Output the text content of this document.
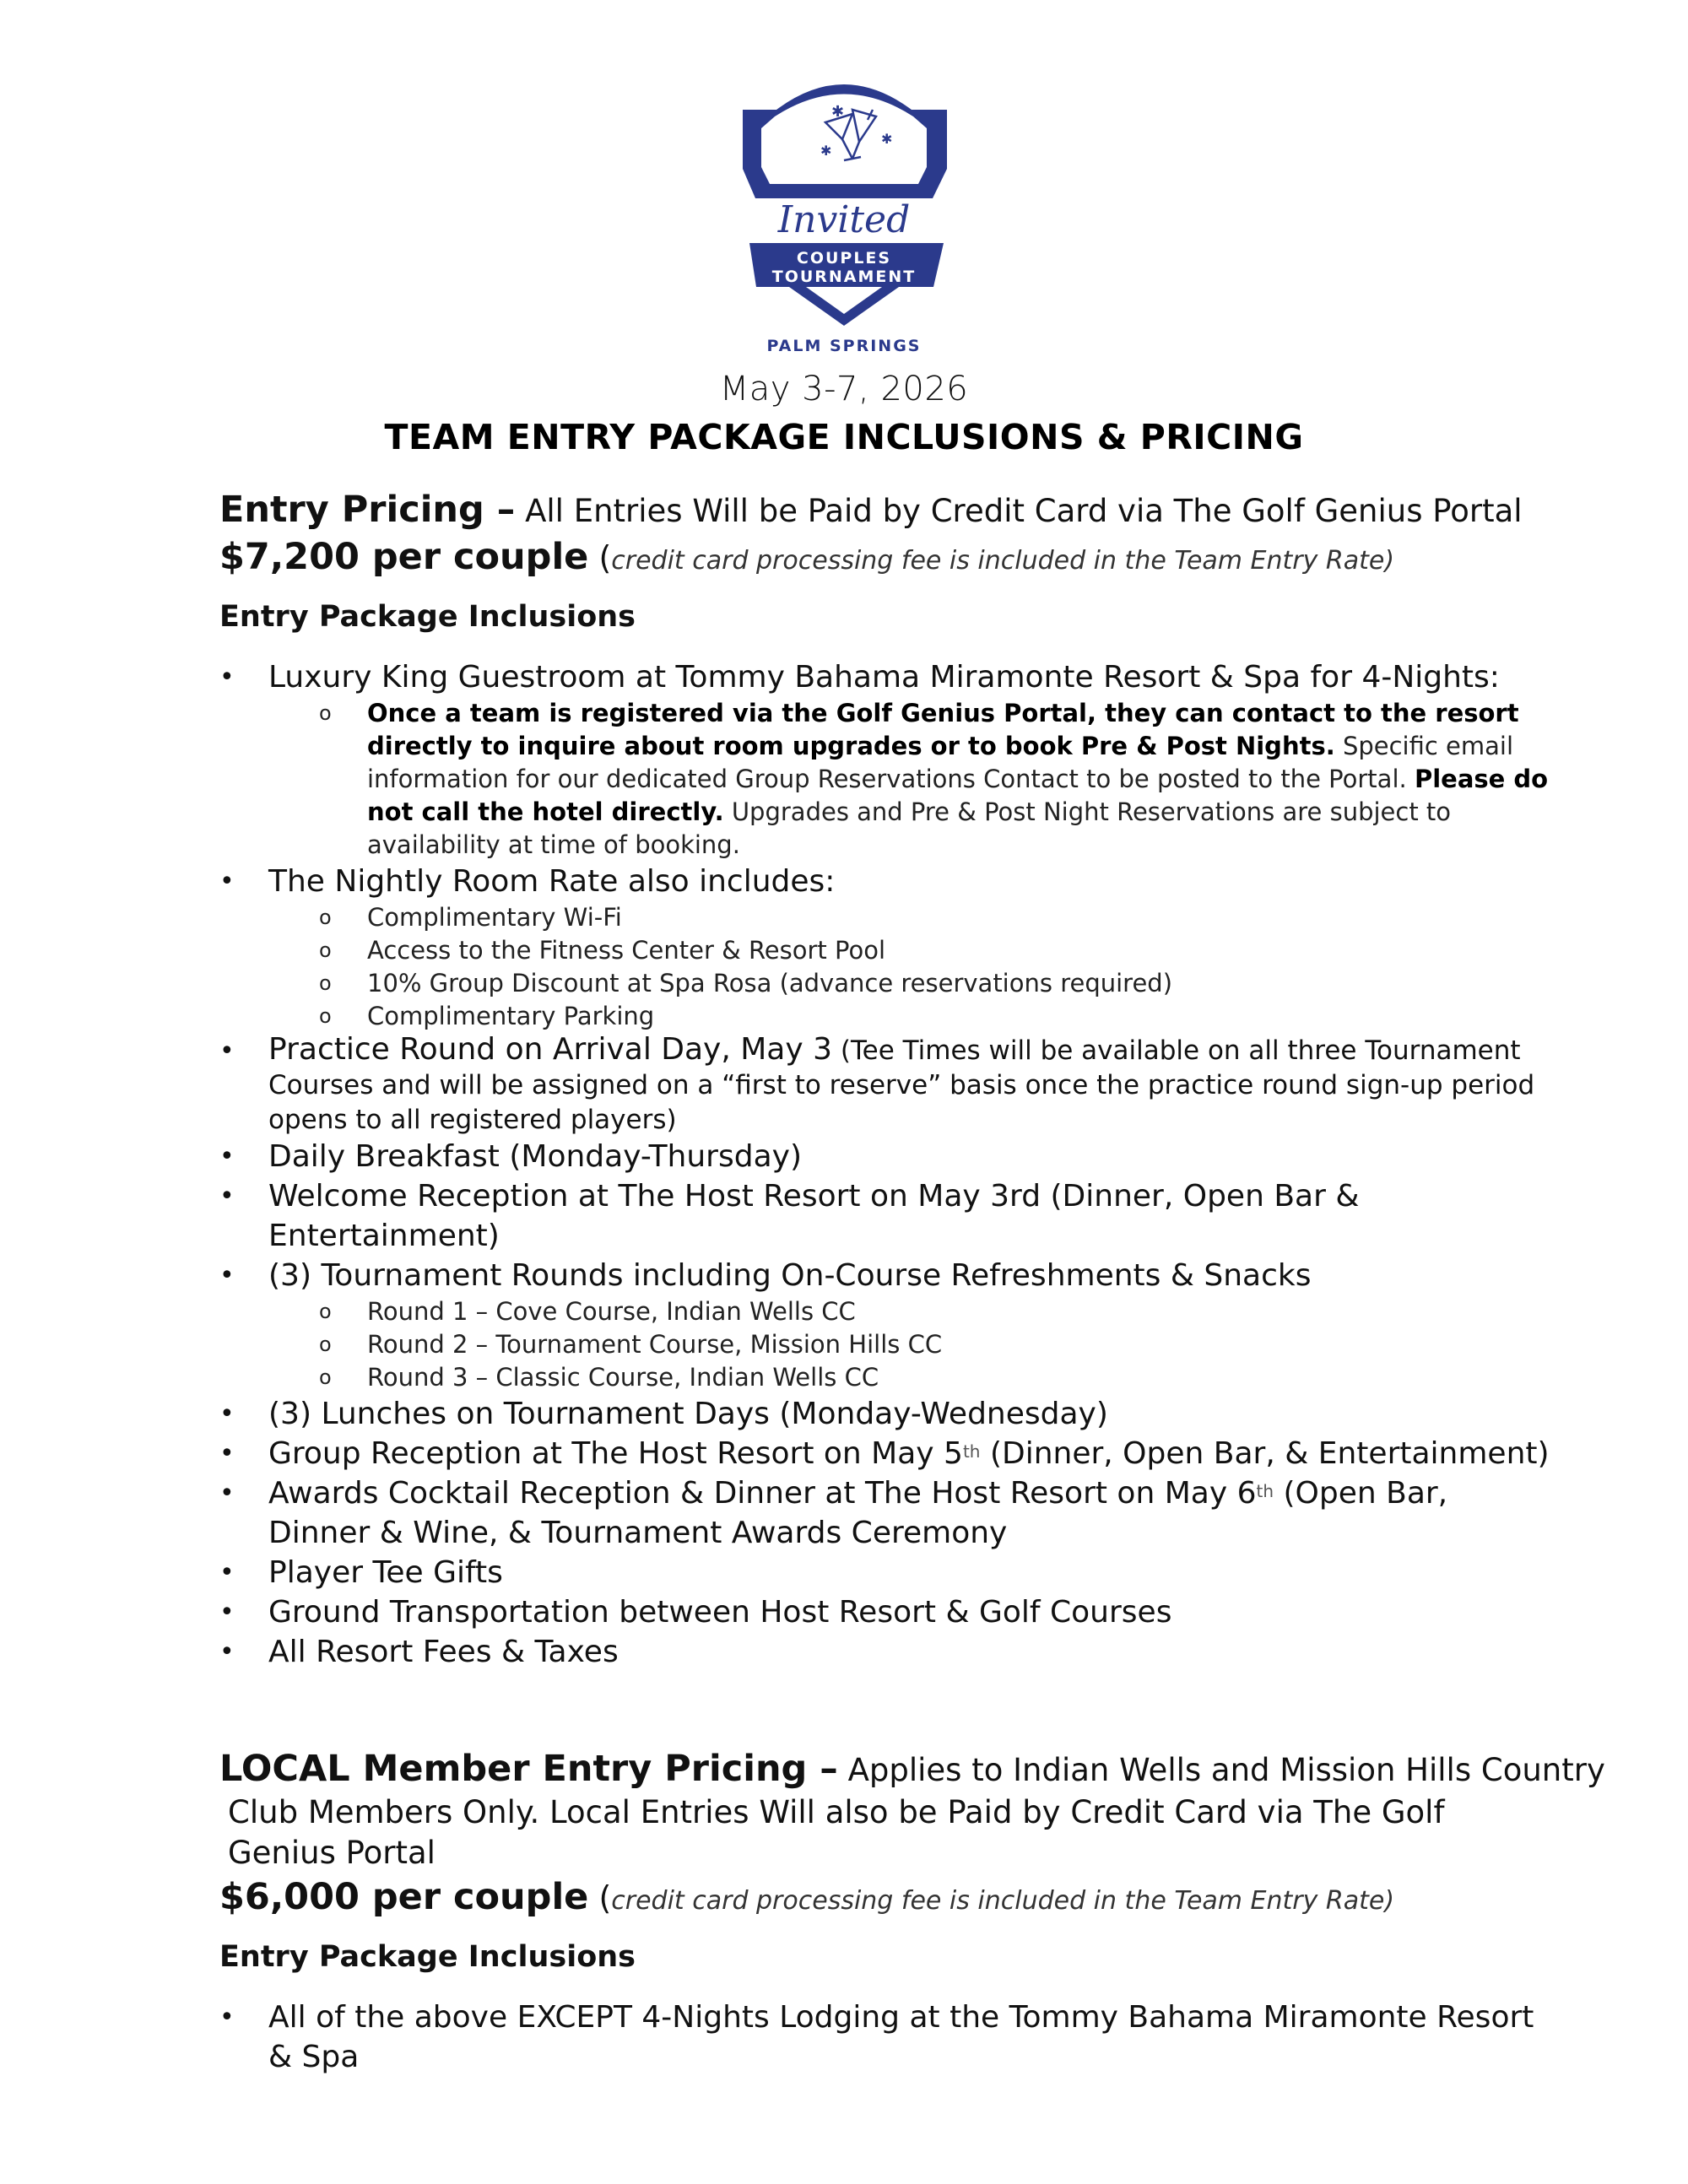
✱
✱
✱
Invited
COUPLES
TOURNAMENT
PALM SPRINGS
May 3-7, 2026
TEAM ENTRY PACKAGE INCLUSIONS & PRICING
Entry Pricing – All Entries Will be Paid by Credit Card via The Golf Genius Portal
$7,200 per couple (credit card processing fee is included in the Team Entry Rate)
Entry Package Inclusions
• Luxury King Guestroom at Tommy Bahama Miramonte Resort & Spa for 4-Nights:
o Once a team is registered via the Golf Genius Portal, they can contact to the resort directly to inquire about room upgrades or to book Pre & Post Nights. Specific email information for our dedicated Group Reservations Contact to be posted to the Portal. Please do not call the hotel directly. Upgrades and Pre & Post Night Reservations are subject to availability at time of booking.
• The Nightly Room Rate also includes:
o Complimentary Wi-Fi
o Access to the Fitness Center & Resort Pool
o 10% Group Discount at Spa Rosa (advance reservations required)
o Complimentary Parking
• Practice Round on Arrival Day, May 3 (Tee Times will be available on all three Tournament Courses and will be assigned on a “first to reserve” basis once the practice round sign-up period opens to all registered players)
• Daily Breakfast (Monday-Thursday)
• Welcome Reception at The Host Resort on May 3rd (Dinner, Open Bar & Entertainment)
• (3) Tournament Rounds including On-Course Refreshments & Snacks
o Round 1 – Cove Course, Indian Wells CC
o Round 2 – Tournament Course, Mission Hills CC
o Round 3 – Classic Course, Indian Wells CC
• (3) Lunches on Tournament Days (Monday-Wednesday)
• Group Reception at The Host Resort on May 5th (Dinner, Open Bar, & Entertainment)
• Awards Cocktail Reception & Dinner at The Host Resort on May 6th (Open Bar, Dinner & Wine, & Tournament Awards Ceremony
• Player Tee Gifts
• Ground Transportation between Host Resort & Golf Courses
• All Resort Fees & Taxes
LOCAL Member Entry Pricing – Applies to Indian Wells and Mission Hills Country
Club Members Only. Local Entries Will also be Paid by Credit Card via The Golf
Genius Portal
$6,000 per couple (credit card processing fee is included in the Team Entry Rate)
Entry Package Inclusions
• All of the above EXCEPT 4-Nights Lodging at the Tommy Bahama Miramonte Resort & Spa
